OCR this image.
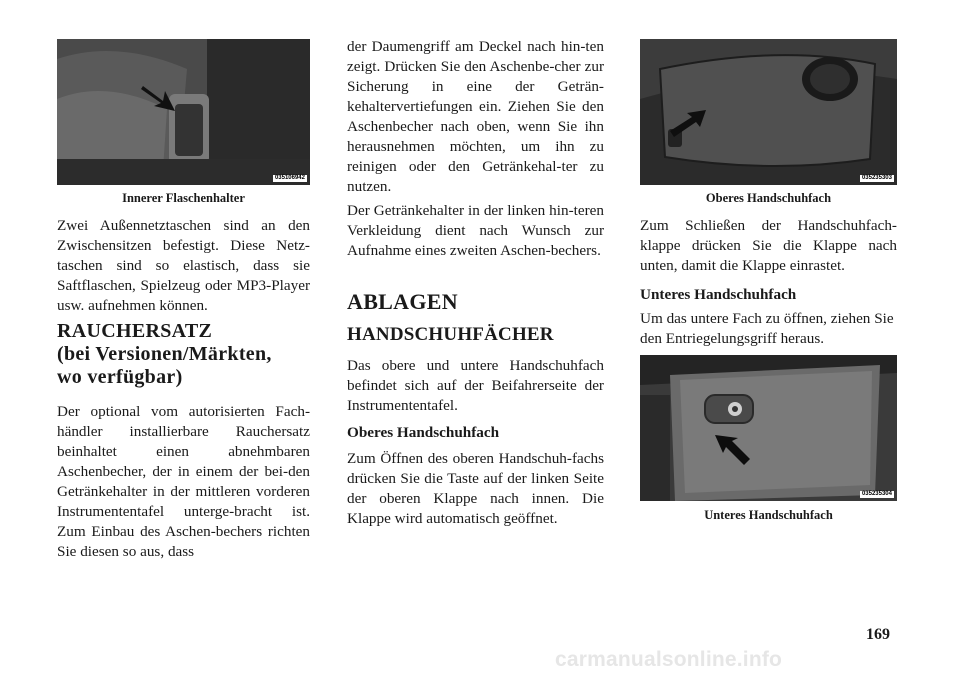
035106942
Innerer Flaschenhalter

Zwei Außennetztaschen sind an den Zwischensitzen befestigt. Diese Netz-taschen sind so elastisch, dass sie Saftflaschen, Spielzeug oder MP3-Player usw. aufnehmen können.

RAUCHERSATZ
(bei Versionen/Märkten,
wo verfügbar)

Der optional vom autorisierten Fach-händler installierbare Rauchersatz beinhaltet einen abnehmbaren Aschenbecher, der in einem der bei-den Getränkehalter in der mittleren vorderen Instrumententafel unterge-bracht ist. Zum Einbau des Aschen-bechers richten Sie diesen so aus, dass

der Daumengriff am Deckel nach hin-ten zeigt. Drücken Sie den Aschenbe-cher zur Sicherung in eine der Geträn-kehaltervertiefungen ein. Ziehen Sie den Aschenbecher nach oben, wenn Sie ihn herausnehmen möchten, um ihn zu reinigen oder den Getränkehal-ter zu nutzen.

Der Getränkehalter in der linken hin-teren Verkleidung dient nach Wunsch zur Aufnahme eines zweiten Aschen-bechers.

ABLAGEN
HANDSCHUHFÄCHER

Das obere und untere Handschuhfach befindet sich auf der Beifahrerseite der Instrumententafel.

Oberes Handschuhfach

Zum Öffnen des oberen Handschuh-fachs drücken Sie die Taste auf der linken Seite der oberen Klappe nach innen. Die Klappe wird automatisch geöffnet.

035235303
Oberes Handschuhfach

Zum Schließen der Handschuhfach-klappe drücken Sie die Klappe nach unten, damit die Klappe einrastet.

Unteres Handschuhfach

Um das untere Fach zu öffnen, ziehen Sie den Entriegelungsgriff heraus.

035235304
Unteres Handschuhfach
169
carmanualsonline.info
